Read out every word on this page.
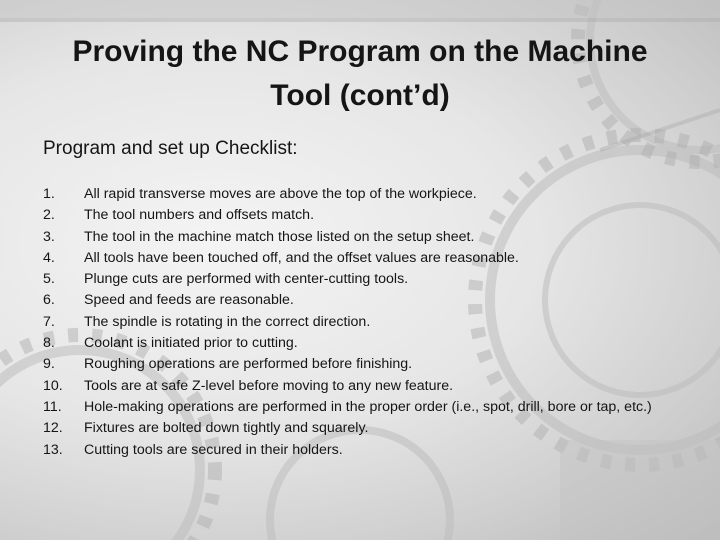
Proving the NC Program on the Machine Tool (cont’d)
Program and set up Checklist:
1.	All rapid transverse moves are above the top of the workpiece.
2.	The tool numbers and offsets match.
3.	The tool in the machine match those listed on the setup sheet.
4.	All tools have been touched off, and the offset values are reasonable.
5.	Plunge cuts are performed with center-cutting tools.
6.	Speed and feeds are reasonable.
7.	The spindle is rotating in the correct direction.
8.	Coolant is initiated prior to cutting.
9.	Roughing operations are performed before finishing.
10.	Tools are at safe Z-level before moving to any new feature.
11.	Hole-making operations are performed in the proper order (i.e., spot, drill, bore or tap, etc.)
12.	Fixtures are bolted down tightly and squarely.
13.	Cutting tools are secured in their holders.
